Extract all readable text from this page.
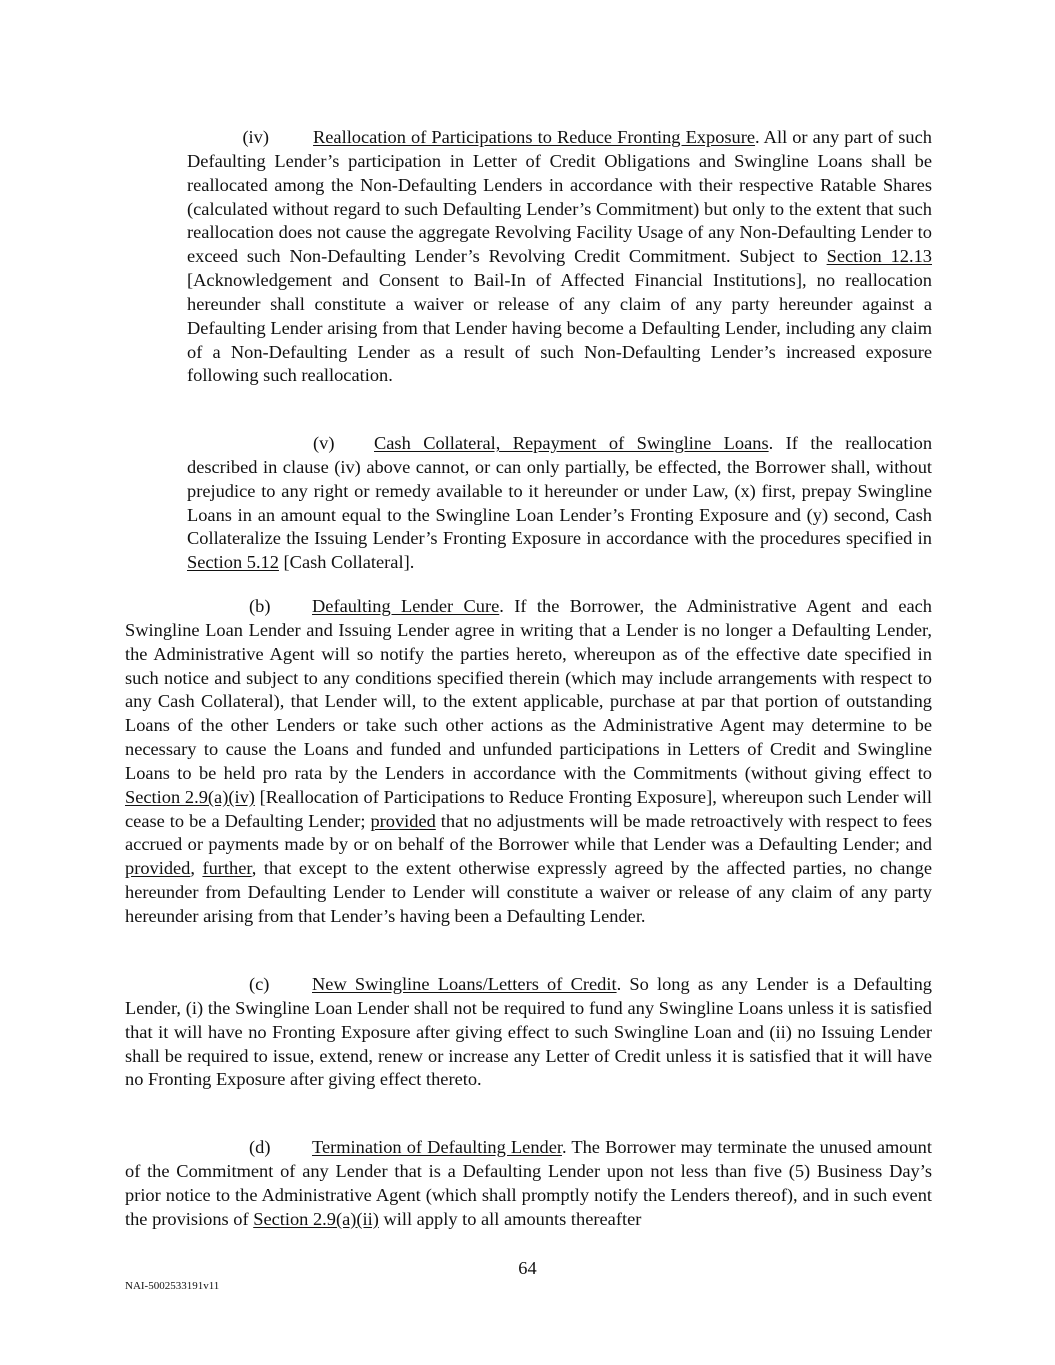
(iv) Reallocation of Participations to Reduce Fronting Exposure. All or any part of such Defaulting Lender’s participation in Letter of Credit Obligations and Swingline Loans shall be reallocated among the Non-Defaulting Lenders in accordance with their respective Ratable Shares (calculated without regard to such Defaulting Lender’s Commitment) but only to the extent that such reallocation does not cause the aggregate Revolving Facility Usage of any Non-Defaulting Lender to exceed such Non-Defaulting Lender’s Revolving Credit Commitment. Subject to Section 12.13 [Acknowledgement and Consent to Bail-In of Affected Financial Institutions], no reallocation hereunder shall constitute a waiver or release of any claim of any party hereunder against a Defaulting Lender arising from that Lender having become a Defaulting Lender, including any claim of a Non-Defaulting Lender as a result of such Non-Defaulting Lender’s increased exposure following such reallocation.

(v) Cash Collateral, Repayment of Swingline Loans. If the reallocation described in clause (iv) above cannot, or can only partially, be effected, the Borrower shall, without prejudice to any right or remedy available to it hereunder or under Law, (x) first, prepay Swingline Loans in an amount equal to the Swingline Loan Lender’s Fronting Exposure and (y) second, Cash Collateralize the Issuing Lender’s Fronting Exposure in accordance with the procedures specified in Section 5.12 [Cash Collateral].

(b) Defaulting Lender Cure. If the Borrower, the Administrative Agent and each Swingline Loan Lender and Issuing Lender agree in writing that a Lender is no longer a Defaulting Lender, the Administrative Agent will so notify the parties hereto, whereupon as of the effective date specified in such notice and subject to any conditions specified therein (which may include arrangements with respect to any Cash Collateral), that Lender will, to the extent applicable, purchase at par that portion of outstanding Loans of the other Lenders or take such other actions as the Administrative Agent may determine to be necessary to cause the Loans and funded and unfunded participations in Letters of Credit and Swingline Loans to be held pro rata by the Lenders in accordance with the Commitments (without giving effect to Section 2.9(a)(iv) [Reallocation of Participations to Reduce Fronting Exposure], whereupon such Lender will cease to be a Defaulting Lender; provided that no adjustments will be made retroactively with respect to fees accrued or payments made by or on behalf of the Borrower while that Lender was a Defaulting Lender; and provided, further, that except to the extent otherwise expressly agreed by the affected parties, no change hereunder from Defaulting Lender to Lender will constitute a waiver or release of any claim of any party hereunder arising from that Lender’s having been a Defaulting Lender.

(c) New Swingline Loans/Letters of Credit. So long as any Lender is a Defaulting Lender, (i) the Swingline Loan Lender shall not be required to fund any Swingline Loans unless it is satisfied that it will have no Fronting Exposure after giving effect to such Swingline Loan and (ii) no Issuing Lender shall be required to issue, extend, renew or increase any Letter of Credit unless it is satisfied that it will have no Fronting Exposure after giving effect thereto.

(d) Termination of Defaulting Lender. The Borrower may terminate the unused amount of the Commitment of any Lender that is a Defaulting Lender upon not less than five (5) Business Day’s prior notice to the Administrative Agent (which shall promptly notify the Lenders thereof), and in such event the provisions of Section 2.9(a)(ii) will apply to all amounts thereafter

64
NAI-5002533191v11
